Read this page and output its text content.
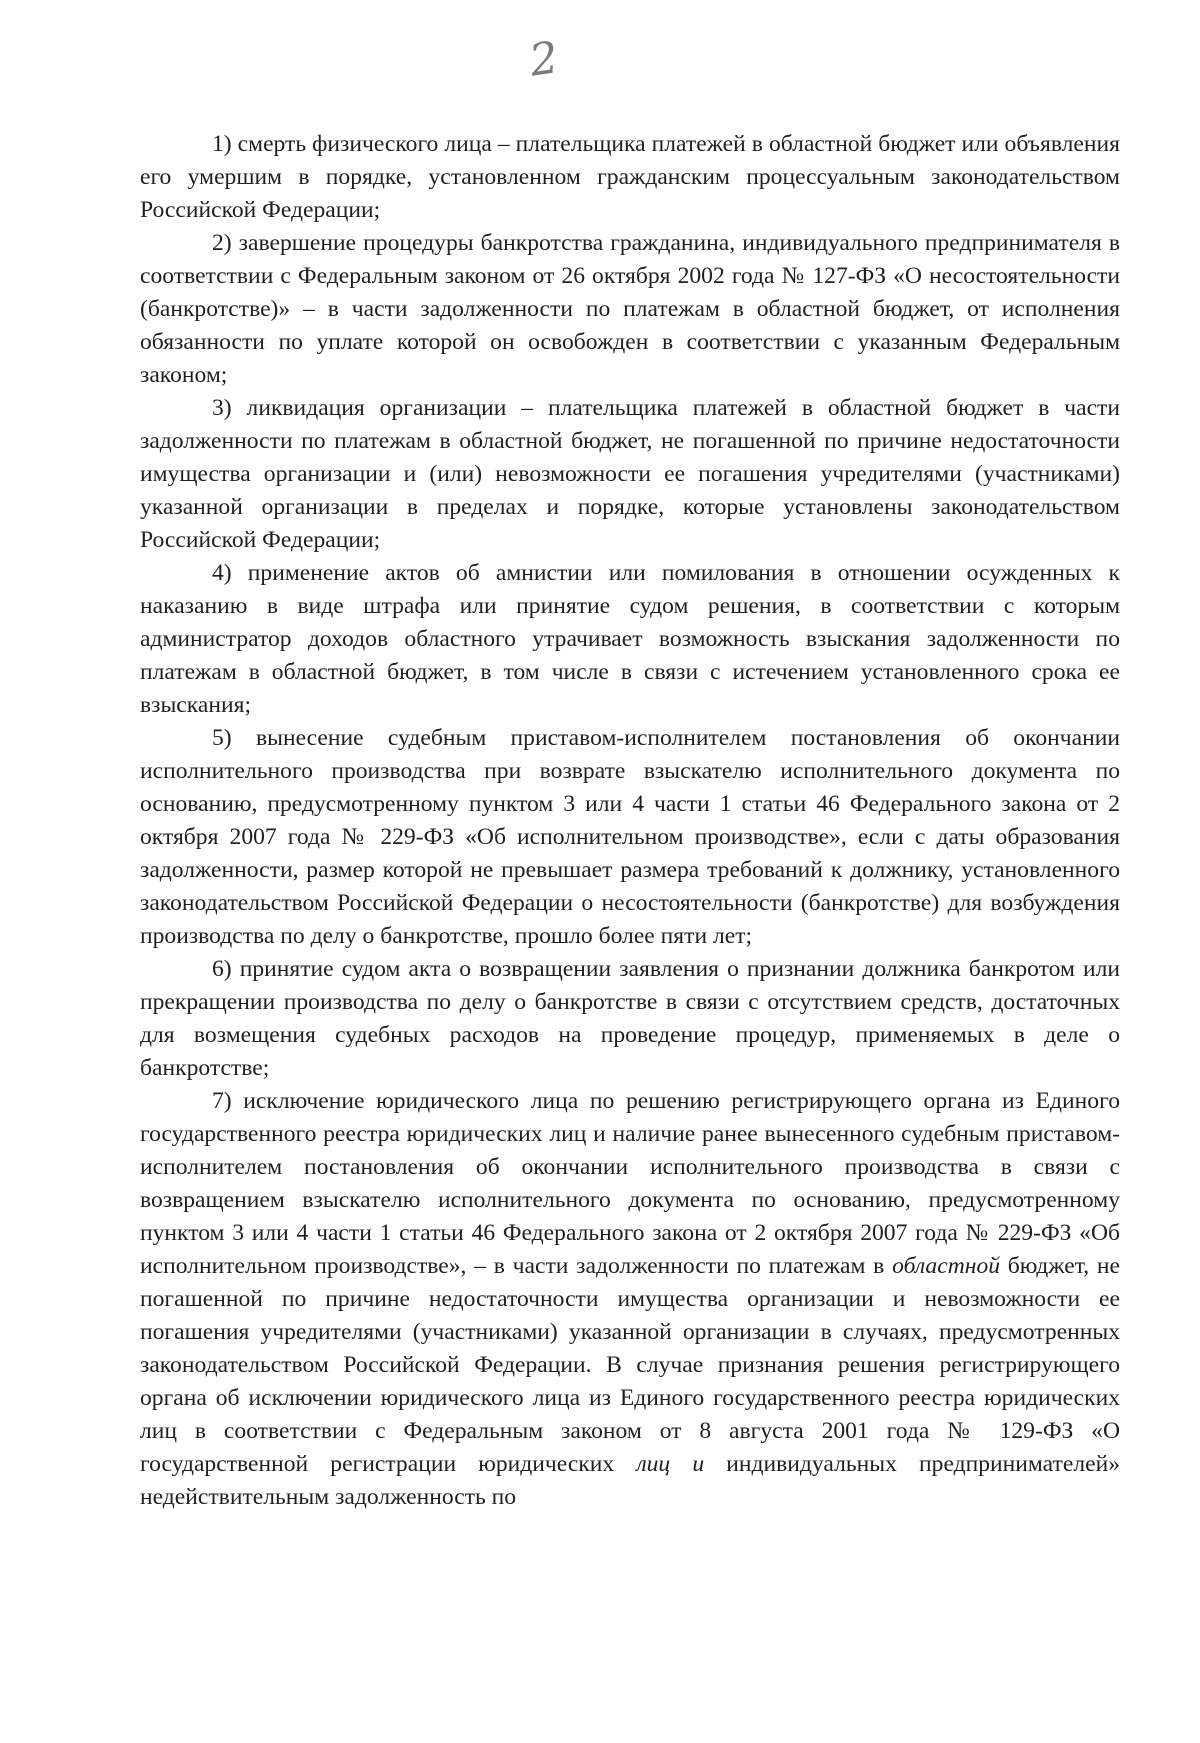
2

1) смерть физического лица – плательщика платежей в областной бюджет или объявления его умершим в порядке, установленном гражданским процессуальным законодательством Российской Федерации;

2) завершение процедуры банкротства гражданина, индивидуального предпринимателя в соответствии с Федеральным законом от 26 октября 2002 года № 127-ФЗ «О несостоятельности (банкротстве)» – в части задолженности по платежам в областной бюджет, от исполнения обязанности по уплате которой он освобожден в соответствии с указанным Федеральным законом;

3) ликвидация организации – плательщика платежей в областной бюджет в части задолженности по платежам в областной бюджет, не погашенной по причине недостаточности имущества организации и (или) невозможности ее погашения учредителями (участниками) указанной организации в пределах и порядке, которые установлены законодательством Российской Федерации;

4) применение актов об амнистии или помилования в отношении осужденных к наказанию в виде штрафа или принятие судом решения, в соответствии с которым администратор доходов областного утрачивает возможность взыскания задолженности по платежам в областной бюджет, в том числе в связи с истечением установленного срока ее взыскания;

5) вынесение судебным приставом-исполнителем постановления об окончании исполнительного производства при возврате взыскателю исполнительного документа по основанию, предусмотренному пунктом 3 или 4 части 1 статьи 46 Федерального закона от 2 октября 2007 года № 229-ФЗ «Об исполнительном производстве», если с даты образования задолженности, размер которой не превышает размера требований к должнику, установленного законодательством Российской Федерации о несостоятельности (банкротстве) для возбуждения производства по делу о банкротстве, прошло более пяти лет;

6) принятие судом акта о возвращении заявления о признании должника банкротом или прекращении производства по делу о банкротстве в связи с отсутствием средств, достаточных для возмещения судебных расходов на проведение процедур, применяемых в деле о банкротстве;

7) исключение юридического лица по решению регистрирующего органа из Единого государственного реестра юридических лиц и наличие ранее вынесенного судебным приставом-исполнителем постановления об окончании исполнительного производства в связи с возвращением взыскателю исполнительного документа по основанию, предусмотренному пунктом 3 или 4 части 1 статьи 46 Федерального закона от 2 октября 2007 года № 229-ФЗ «Об исполнительном производстве», – в части задолженности по платежам в областной бюджет, не погашенной по причине недостаточности имущества организации и невозможности ее погашения учредителями (участниками) указанной организации в случаях, предусмотренных законодательством Российской Федерации. В случае признания решения регистрирующего органа об исключении юридического лица из Единого государственного реестра юридических лиц в соответствии с Федеральным законом от 8 августа 2001 года № 129-ФЗ «О государственной регистрации юридических лиц и индивидуальных предпринимателей» недействительным задолженность по
